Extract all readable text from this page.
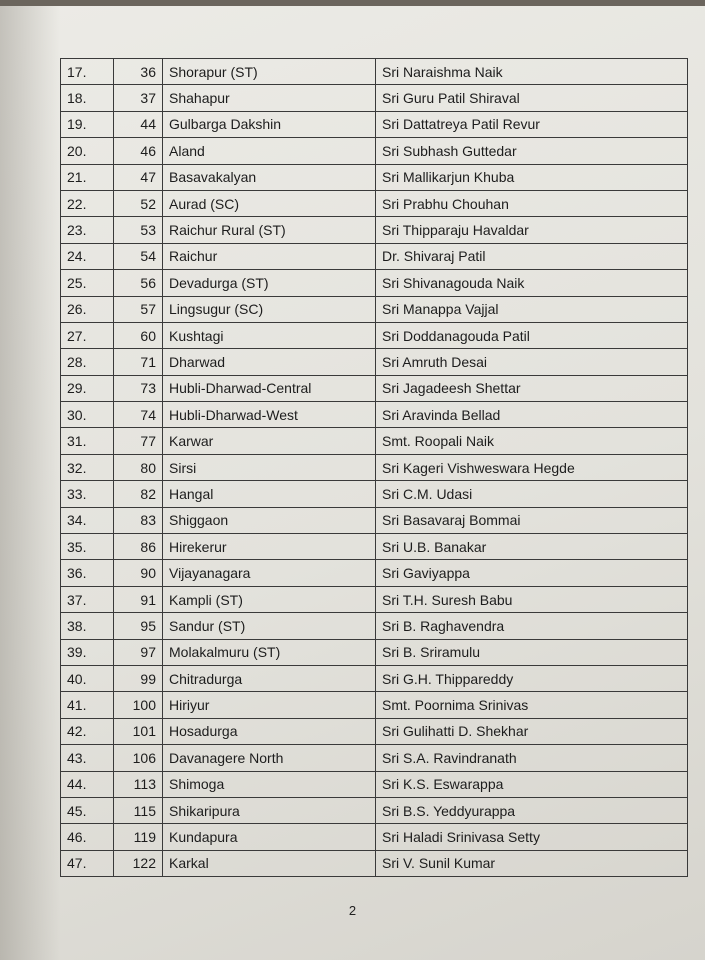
17.	36	Shorapur (ST)	Sri Naraishma Naik
18.	37	Shahapur	Sri Guru Patil Shiraval
19.	44	Gulbarga Dakshin	Sri Dattatreya Patil Revur
20.	46	Aland	Sri Subhash Guttedar
21.	47	Basavakalyan	Sri Mallikarjun Khuba
22.	52	Aurad (SC)	Sri Prabhu Chouhan
23.	53	Raichur Rural (ST)	Sri Thipparaju Havaldar
24.	54	Raichur	Dr. Shivaraj Patil
25.	56	Devadurga (ST)	Sri Shivanagouda Naik
26.	57	Lingsugur (SC)	Sri Manappa Vajjal
27.	60	Kushtagi	Sri Doddanagouda Patil
28.	71	Dharwad	Sri Amruth Desai
29.	73	Hubli-Dharwad-Central	Sri Jagadeesh Shettar
30.	74	Hubli-Dharwad-West	Sri Aravinda Bellad
31.	77	Karwar	Smt. Roopali Naik
32.	80	Sirsi	Sri Kageri Vishweswara Hegde
33.	82	Hangal	Sri C.M. Udasi
34.	83	Shiggaon	Sri Basavaraj Bommai
35.	86	Hirekerur	Sri U.B. Banakar
36.	90	Vijayanagara	Sri Gaviyappa
37.	91	Kampli (ST)	Sri T.H. Suresh Babu
38.	95	Sandur (ST)	Sri B. Raghavendra
39.	97	Molakalmuru (ST)	Sri B. Sriramulu
40.	99	Chitradurga	Sri G.H. Thippareddy
41.	100	Hiriyur	Smt. Poornima Srinivas
42.	101	Hosadurga	Sri Gulihatti D. Shekhar
43.	106	Davanagere North	Sri S.A. Ravindranath
44.	113	Shimoga	Sri K.S. Eswarappa
45.	115	Shikaripura	Sri B.S. Yeddyurappa
46.	119	Kundapura	Sri Haladi Srinivasa Setty
47.	122	Karkal	Sri V. Sunil Kumar
2
